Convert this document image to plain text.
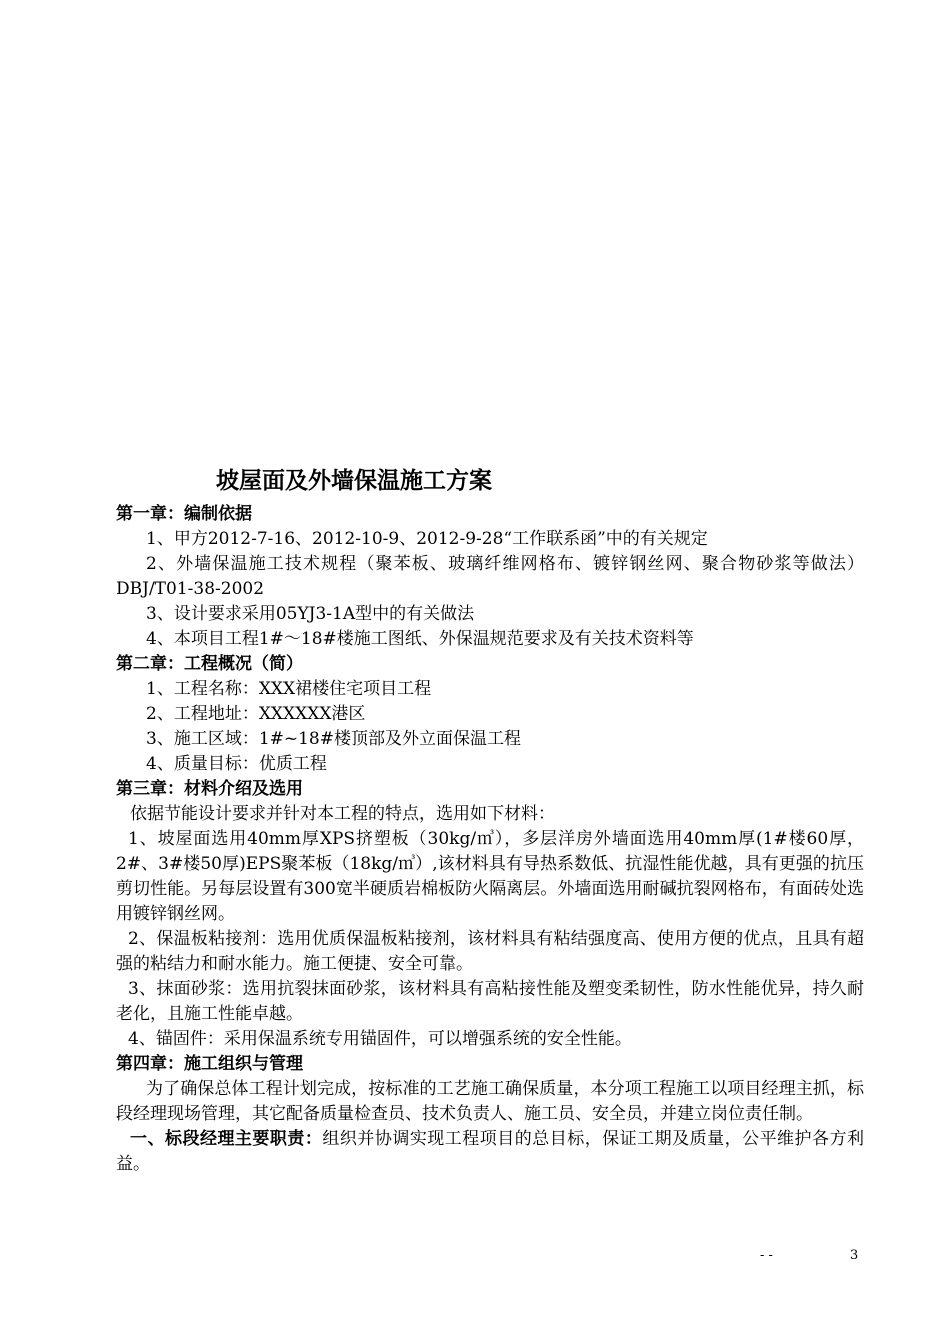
坡屋面及外墙保温施工方案
第一章：编制依据
1、甲方2012-7-16、2012-10-9、2012-9-28“工作联系函”中的有关规定
2、外墙保温施工技术规程（聚苯板、玻璃纤维网格布、镀锌钢丝网、聚合物砂浆等做法） DBJ/T01-38-2002
3、设计要求采用05YJ3-1A型中的有关做法
4、本项目工程1#～18#楼施工图纸、外保温规范要求及有关技术资料等
第二章：工程概况（简）
1、工程名称：XXX裙楼住宅项目工程
2、工程地址：XXXXXX港区
3、施工区域：1#~18#楼顶部及外立面保温工程
4、质量目标：优质工程
第三章：材料介绍及选用
依据节能设计要求并针对本工程的特点，选用如下材料：
1、坡屋面选用40mm厚XPS挤塑板（30kg/㎥），多层洋房外墙面选用40mm厚(1#楼60厚，2#、3#楼50厚)EPS聚苯板（18kg/㎥）,该材料具有导热系数低、抗湿性能优越，具有更强的抗压剪切性能。另每层设置有300宽半硬质岩棉板防火隔离层。外墙面选用耐碱抗裂网格布，有面砖处选用镀锌钢丝网。
2、保温板粘接剂：选用优质保温板粘接剂，该材料具有粘结强度高、使用方便的优点，且具有超强的粘结力和耐水能力。施工便捷、安全可靠。
3、抹面砂浆：选用抗裂抹面砂浆，该材料具有高粘接性能及塑变柔韧性，防水性能优异，持久耐老化，且施工性能卓越。
4、锚固件：采用保温系统专用锚固件，可以增强系统的安全性能。
第四章：施工组织与管理
为了确保总体工程计划完成，按标准的工艺施工确保质量，本分项工程施工以项目经理主抓，标段经理现场管理，其它配备质量检查员、技术负责人、施工员、安全员，并建立岗位责任制。
一、标段经理主要职责：组织并协调实现工程项目的总目标，保证工期及质量，公平维护各方利益。
- -	3
